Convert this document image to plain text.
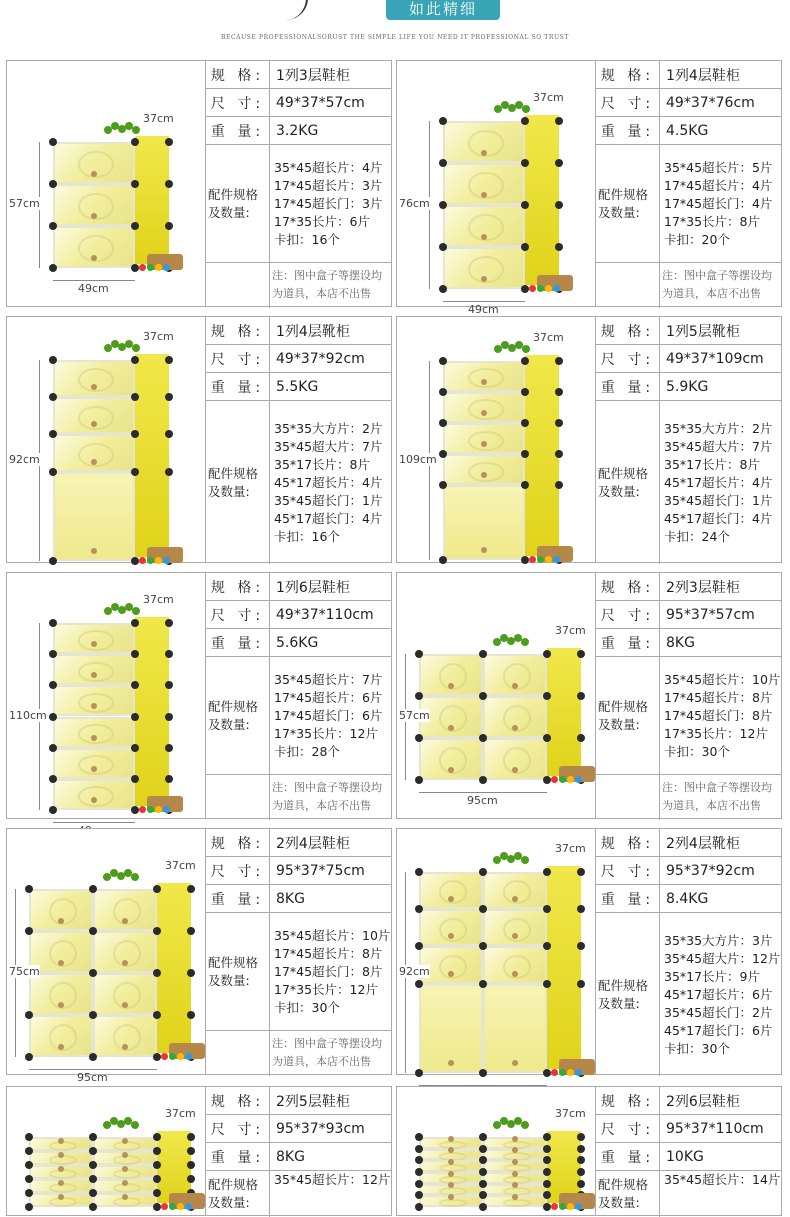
如此精细
BECAUSE PROFESSIONALSORUST THE SIMPLE LIFE YOU NEED IT PROFESSIONAL SO TRUST
57cm
49cm
37cm
规 格: 1列3层鞋柜
尺 寸: 49*37*57cm
重 量: 3.2KG
配件规格
及数量:
35*45超长片：4片
17*45超长片：3片
17*45超长门：3片
17*35长片：6片
卡扣：16个
注：图中盒子等摆设均
为道具，本店不出售
76cm
49cm
37cm
规 格: 1列4层鞋柜
尺 寸: 49*37*76cm
重 量: 4.5KG
配件规格
及数量:
35*45超长片：5片
17*45超长片：4片
17*45超长门：4片
17*35长片：8片
卡扣：20个
注：图中盒子等摆设均
为道具，本店不出售
92cm
37cm	规 格: 1列4层靴柜
尺 寸: 49*37*92cm
重 量: 5.5KG
配件规格
及数量:
35*35大方片：2片
35*45超大片：7片
35*17长片：8片
45*17超长片：4片
35*45超长门：1片
45*17超长门：4片
卡扣：16个
109cm
37cm	规 格: 1列5层靴柜
尺 寸: 49*37*109cm
重 量: 5.9KG
配件规格
及数量:
35*35大方片：2片
35*45超大片：7片
35*17长片：8片
45*17超长片：4片
35*45超长门：1片
45*17超长门：4片
卡扣：24个
110cm
37cm
规 格: 1列6层鞋柜
尺 寸: 49*37*110cm
重 量: 5.6KG
配件规格
及数量:
35*45超长片：7片
17*45超长片：6片
17*45超长门：6片
17*35长片：12片
卡扣：28个
注：图中盒子等摆设均
为道具，本店不出售
57cm
95cm
37cm
规 格: 2列3层鞋柜
尺 寸: 95*37*57cm
重 量: 8KG
配件规格
及数量:
35*45超长片：10片
17*45超长片：8片
17*45超长门：8片
17*35长片：12片
卡扣：30个
注：图中盒子等摆设均
为道具，本店不出售
75cm
95cm
37cm
规 格: 2列4层鞋柜
尺 寸: 95*37*75cm
重 量: 8KG
配件规格
及数量:
35*45超长片：10片
17*45超长片：8片
17*45超长门：8片
17*35长片：12片
卡扣：30个
注：图中盒子等摆设均
为道具，本店不出售
92cm
37cm	规 格: 2列4层靴柜
尺 寸: 95*37*92cm
重 量: 8.4KG
配件规格
及数量:
35*35大方片：3片
35*45超大片：12片
35*17长片：9片
45*17超长片：6片
35*45超长门：2片
45*17超长门：6片
卡扣：30个
37cm
规 格: 2列5层鞋柜
尺 寸: 95*37*93cm
重 量: 8KG
配件规格
及数量:
35*45超长片：12片
37cm
规 格: 2列6层鞋柜
尺 寸: 95*37*110cm
重 量: 10KG
配件规格
及数量:
35*45超长片：14片
